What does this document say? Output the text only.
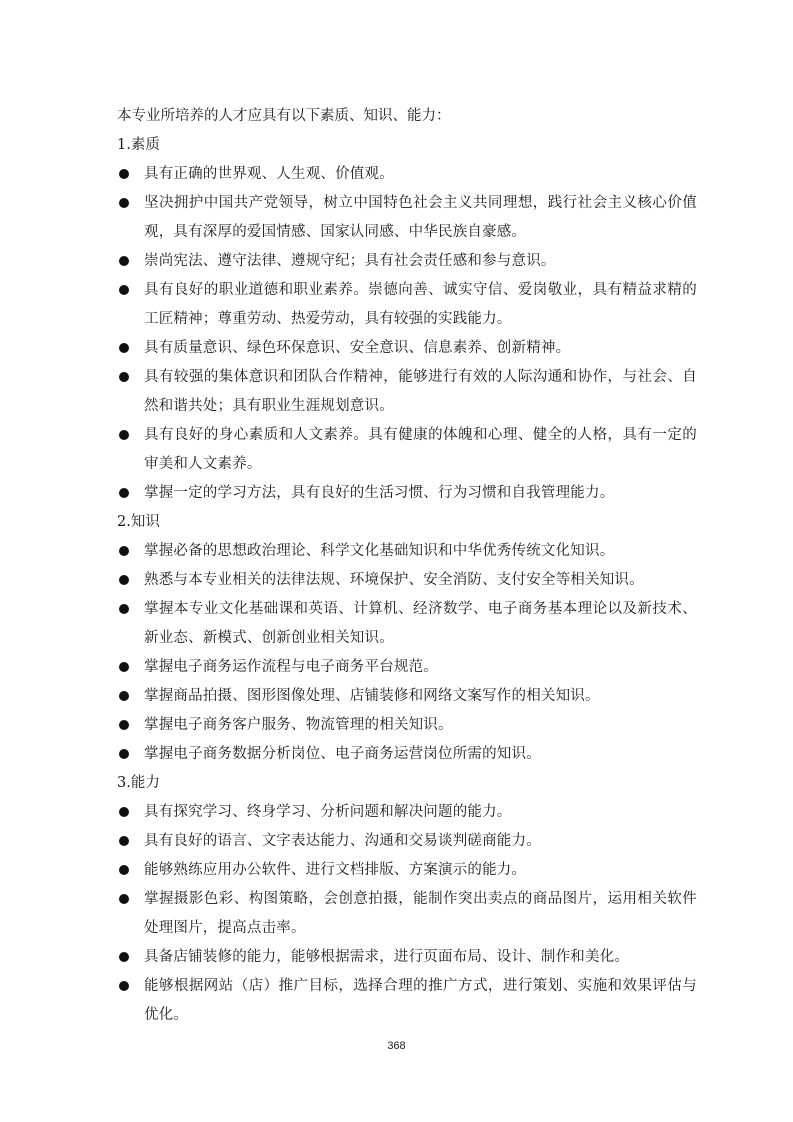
本专业所培养的人才应具有以下素质、知识、能力：
1.素质
具有正确的世界观、人生观、价值观。
坚决拥护中国共产党领导，树立中国特色社会主义共同理想，践行社会主义核心价值观，具有深厚的爱国情感、国家认同感、中华民族自豪感。
崇尚宪法、遵守法律、遵规守纪；具有社会责任感和参与意识。
具有良好的职业道德和职业素养。崇德向善、诚实守信、爱岗敬业，具有精益求精的工匠精神；尊重劳动、热爱劳动，具有较强的实践能力。
具有质量意识、绿色环保意识、安全意识、信息素养、创新精神。
具有较强的集体意识和团队合作精神，能够进行有效的人际沟通和协作，与社会、自然和谐共处；具有职业生涯规划意识。
具有良好的身心素质和人文素养。具有健康的体魄和心理、健全的人格，具有一定的审美和人文素养。
掌握一定的学习方法，具有良好的生活习惯、行为习惯和自我管理能力。
2.知识
掌握必备的思想政治理论、科学文化基础知识和中华优秀传统文化知识。
熟悉与本专业相关的法律法规、环境保护、安全消防、支付安全等相关知识。
掌握本专业文化基础课和英语、计算机、经济数学、电子商务基本理论以及新技术、新业态、新模式、创新创业相关知识。
掌握电子商务运作流程与电子商务平台规范。
掌握商品拍摄、图形图像处理、店铺装修和网络文案写作的相关知识。
掌握电子商务客户服务、物流管理的相关知识。
掌握电子商务数据分析岗位、电子商务运营岗位所需的知识。
3.能力
具有探究学习、终身学习、分析问题和解决问题的能力。
具有良好的语言、文字表达能力、沟通和交易谈判磋商能力。
能够熟练应用办公软件、进行文档排版、方案演示的能力。
掌握摄影色彩、构图策略，会创意拍摄，能制作突出卖点的商品图片，运用相关软件处理图片，提高点击率。
具备店铺装修的能力，能够根据需求，进行页面布局、设计、制作和美化。
能够根据网站（店）推广目标，选择合理的推广方式，进行策划、实施和效果评估与优化。
368
